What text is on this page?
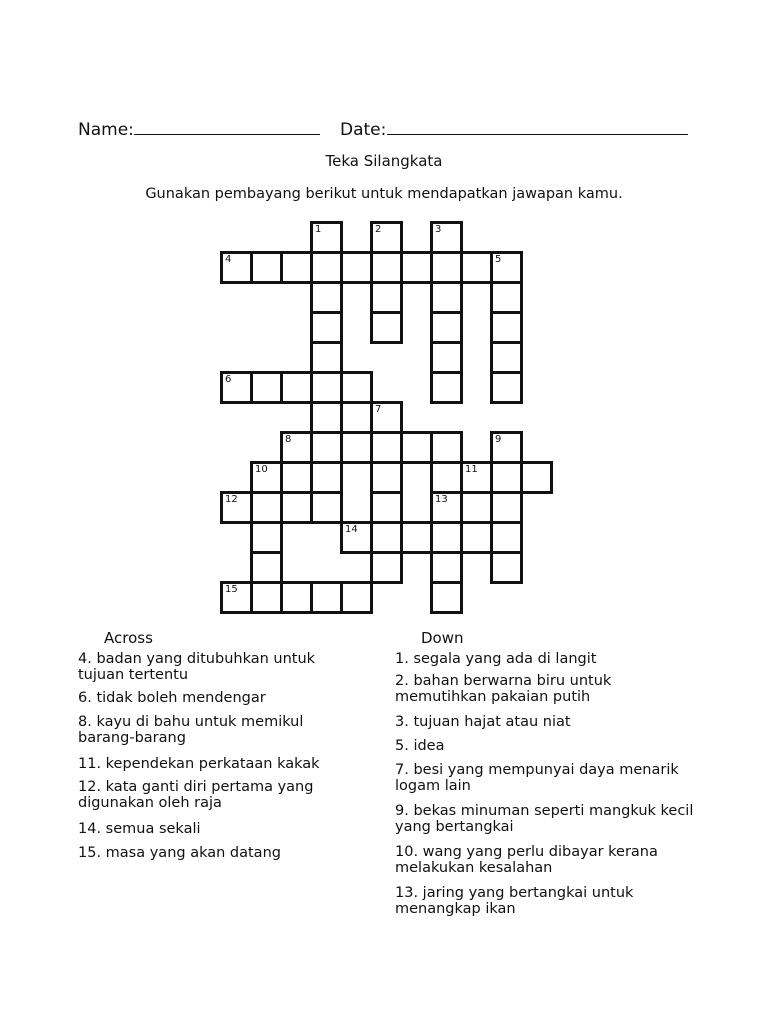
Name:	Date:
Teka Silangkata
Gunakan pembayang berikut untuk mendapatkan jawapan kamu.
1	2	3
4	5
6
7
8	9
10	11
12	13
14
15
Across
4. badan yang ditubuhkan untuk tujuan tertentu
6. tidak boleh mendengar
8. kayu di bahu untuk memikul barang-barang
11. kependekan perkataan kakak
12. kata ganti diri pertama yang digunakan oleh raja
14. semua sekali
15. masa yang akan datang
Down
1. segala yang ada di langit
2. bahan berwarna biru untuk memutihkan pakaian putih
3. tujuan hajat atau niat
5. idea
7. besi yang mempunyai daya menarik logam lain
9. bekas minuman seperti mangkuk kecil yang bertangkai
10. wang yang perlu dibayar kerana melakukan kesalahan
13. jaring yang bertangkai untuk menangkap ikan
